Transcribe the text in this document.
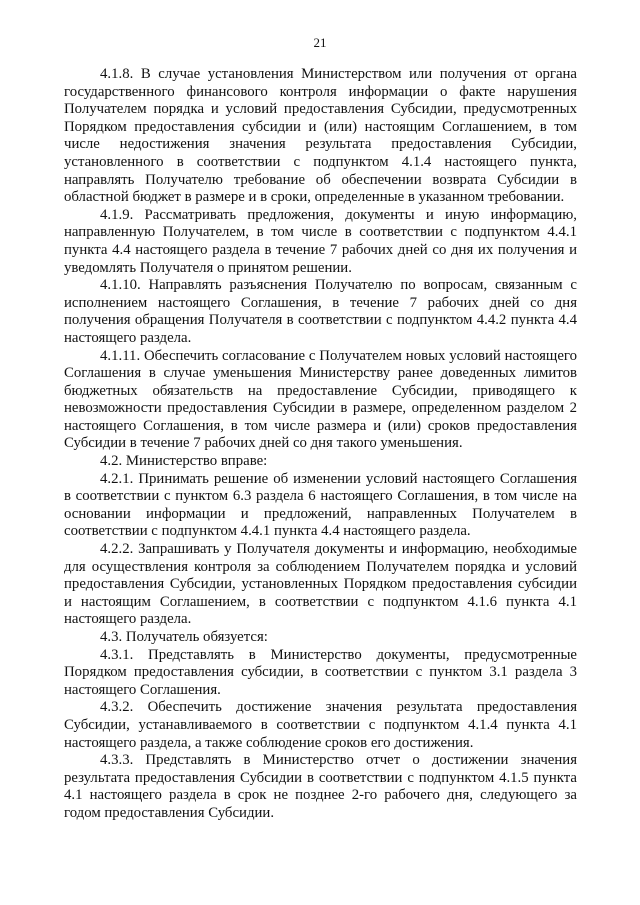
21

4.1.8. В случае установления Министерством или получения от органа государственного финансового контроля информации о факте нарушения Получателем порядка и условий предоставления Субсидии, предусмотренных Порядком предоставления субсидии и (или) настоящим Соглашением, в том числе недостижения значения результата предоставления Субсидии, установленного в соответствии с подпунктом 4.1.4 настоящего пункта, направлять Получателю требование об обеспечении возврата Субсидии в областной бюджет в размере и в сроки, определенные в указанном требовании.

4.1.9. Рассматривать предложения, документы и иную информацию, направленную Получателем, в том числе в соответствии с подпунктом 4.4.1 пункта 4.4 настоящего раздела в течение 7 рабочих дней со дня их получения и уведомлять Получателя о принятом решении.

4.1.10. Направлять разъяснения Получателю по вопросам, связанным с исполнением настоящего Соглашения, в течение 7 рабочих дней со дня получения обращения Получателя в соответствии с подпунктом 4.4.2 пункта 4.4 настоящего раздела.

4.1.11. Обеспечить согласование с Получателем новых условий настоящего Соглашения в случае уменьшения Министерству ранее доведенных лимитов бюджетных обязательств на предоставление Субсидии, приводящего к невозможности предоставления Субсидии в размере, определенном разделом 2 настоящего Соглашения, в том числе размера и (или) сроков предоставления Субсидии в течение 7 рабочих дней со дня такого уменьшения.

4.2. Министерство вправе:

4.2.1. Принимать решение об изменении условий настоящего Соглашения в соответствии с пунктом 6.3 раздела 6 настоящего Соглашения, в том числе на основании информации и предложений, направленных Получателем в соответствии с подпунктом 4.4.1 пункта 4.4 настоящего раздела.

4.2.2. Запрашивать у Получателя документы и информацию, необходимые для осуществления контроля за соблюдением Получателем порядка и условий предоставления Субсидии, установленных Порядком предоставления субсидии и настоящим Соглашением, в соответствии с подпунктом 4.1.6 пункта 4.1 настоящего раздела.

4.3. Получатель обязуется:

4.3.1. Представлять в Министерство документы, предусмотренные Порядком предоставления субсидии, в соответствии с пунктом 3.1 раздела 3 настоящего Соглашения.

4.3.2. Обеспечить достижение значения результата предоставления Субсидии, устанавливаемого в соответствии с подпунктом 4.1.4 пункта 4.1 настоящего раздела, а также соблюдение сроков его достижения.

4.3.3. Представлять в Министерство отчет о достижении значения результата предоставления Субсидии в соответствии с подпунктом 4.1.5 пункта 4.1 настоящего раздела в срок не позднее 2-го рабочего дня, следующего за годом предоставления Субсидии.
